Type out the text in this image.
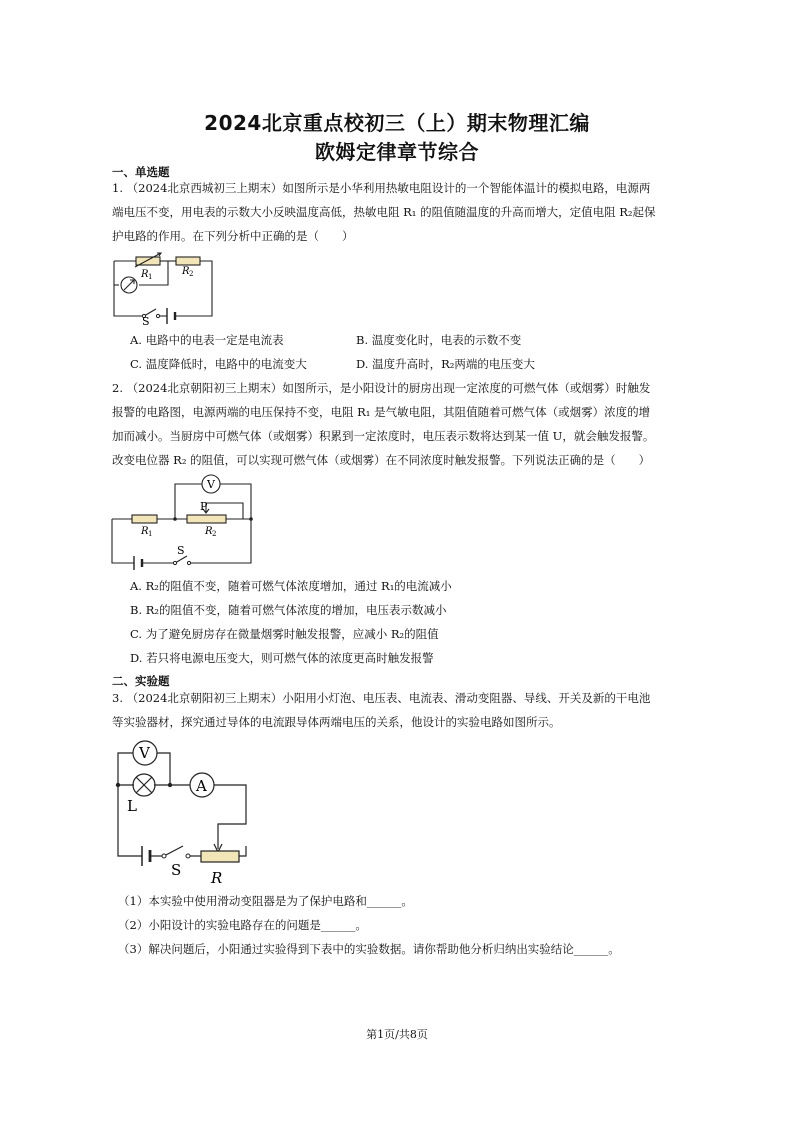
2024北京重点校初三（上）期末物理汇编
欧姆定律章节综合
一、单选题
1. （2024北京西城初三上期末）如图所示是小华利用热敏电阻设计的一个智能体温计的模拟电路，电源两
端电压不变，用电表的示数大小反映温度高低，热敏电阻 R₁ 的阻值随温度的升高而增大，定值电阻 R₂起保
护电路的作用。在下列分析中正确的是（　　）
R 1	R 2
S
A. 电路中的电表一定是电流表	B. 温度变化时，电表的示数不变
C. 温度降低时，电路中的电流变大	D. 温度升高时，R₂两端的电压变大
2. （2024北京朝阳初三上期末）如图所示，是小阳设计的厨房出现一定浓度的可燃气体（或烟雾）时触发
报警的电路图，电源两端的电压保持不变，电阻 R₁ 是气敏电阻，其阻值随着可燃气体（或烟雾）浓度的增
加而减小。当厨房中可燃气体（或烟雾）积累到一定浓度时，电压表示数将达到某一值 U，就会触发报警。
改变电位器 R₂ 的阻值，可以实现可燃气体（或烟雾）在不同浓度时触发报警。下列说法正确的是（　　）
V
P
R 1	R 2
S
A. R₂的阻值不变，随着可燃气体浓度增加，通过 R₁的电流减小
B. R₂的阻值不变，随着可燃气体浓度的增加，电压表示数减小
C. 为了避免厨房存在微量烟雾时触发报警，应减小 R₂的阻值
D. 若只将电源电压变大，则可燃气体的浓度更高时触发报警
二、实验题
3. （2024北京朝阳初三上期末）小阳用小灯泡、电压表、电流表、滑动变阻器、导线、开关及新的干电池
等实验器材，探究通过导体的电流跟导体两端电压的关系，他设计的实验电路如图所示。
V
A
L
S R
（1）本实验中使用滑动变阻器是为了保护电路和______。
（2）小阳设计的实验电路存在的问题是______。
（3）解决问题后，小阳通过实验得到下表中的实验数据。请你帮助他分析归纳出实验结论______。
第1页/共8页
